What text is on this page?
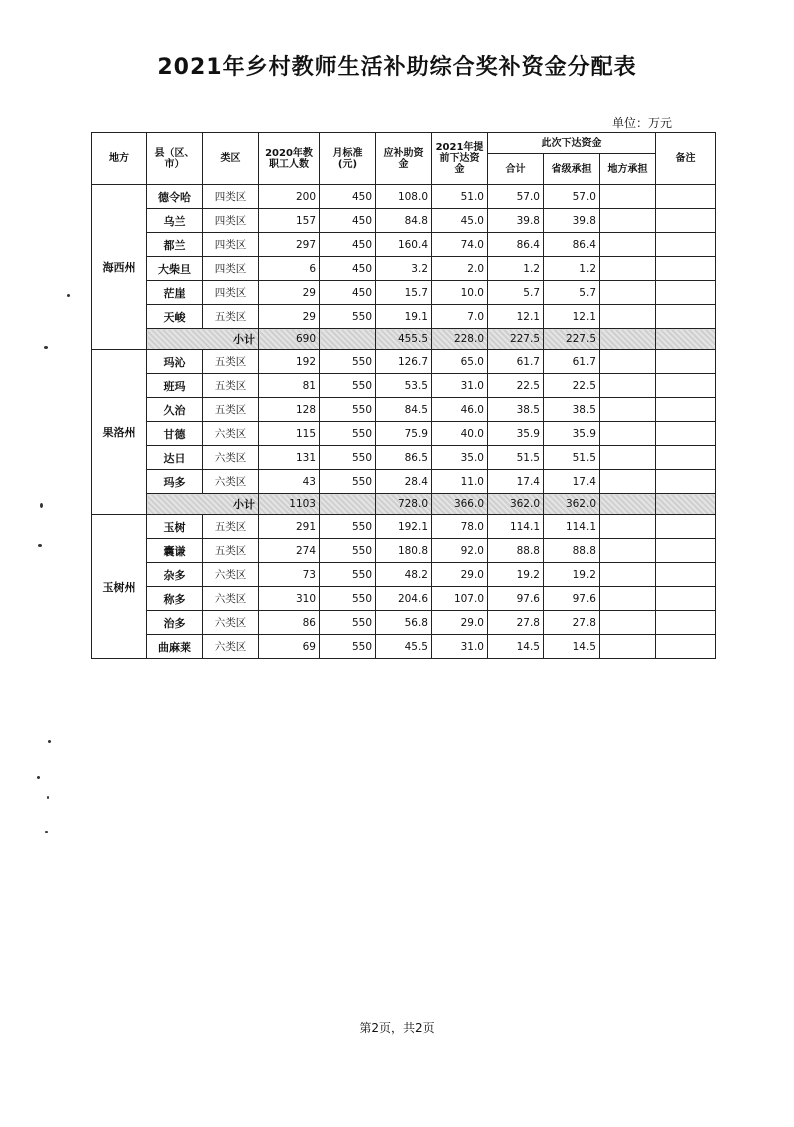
2021年乡村教师生活补助综合奖补资金分配表
单位：万元
地方	县（区、市）	类区	2020年教职工人数	月标准(元)	应补助资金	2021年提前下达资金	此次下达资金			备注
							合计	省级承担	地方承担	
海西州	德令哈	四类区	200	450	108.0	51.0	57.0	57.0		
	乌兰	四类区	157	450	84.8	45.0	39.8	39.8		
	都兰	四类区	297	450	160.4	74.0	86.4	86.4		
	大柴旦	四类区	6	450	3.2	2.0	1.2	1.2		
	茫崖	四类区	29	450	15.7	10.0	5.7	5.7		
	天峻	五类区	29	550	19.1	7.0	12.1	12.1		
	小计		690		455.5	228.0	227.5	227.5		
果洛州	玛沁	五类区	192	550	126.7	65.0	61.7	61.7		
	班玛	五类区	81	550	53.5	31.0	22.5	22.5		
	久治	五类区	128	550	84.5	46.0	38.5	38.5		
	甘德	六类区	115	550	75.9	40.0	35.9	35.9		
	达日	六类区	131	550	86.5	35.0	51.5	51.5		
	玛多	六类区	43	550	28.4	11.0	17.4	17.4		
	小计		1103		728.0	366.0	362.0	362.0		
玉树州	玉树	五类区	291	550	192.1	78.0	114.1	114.1		
	囊谦	五类区	274	550	180.8	92.0	88.8	88.8		
	杂多	六类区	73	550	48.2	29.0	19.2	19.2		
	称多	六类区	310	550	204.6	107.0	97.6	97.6		
	治多	六类区	86	550	56.8	29.0	27.8	27.8		
	曲麻莱	六类区	69	550	45.5	31.0	14.5	14.5		
第2页，共2页
